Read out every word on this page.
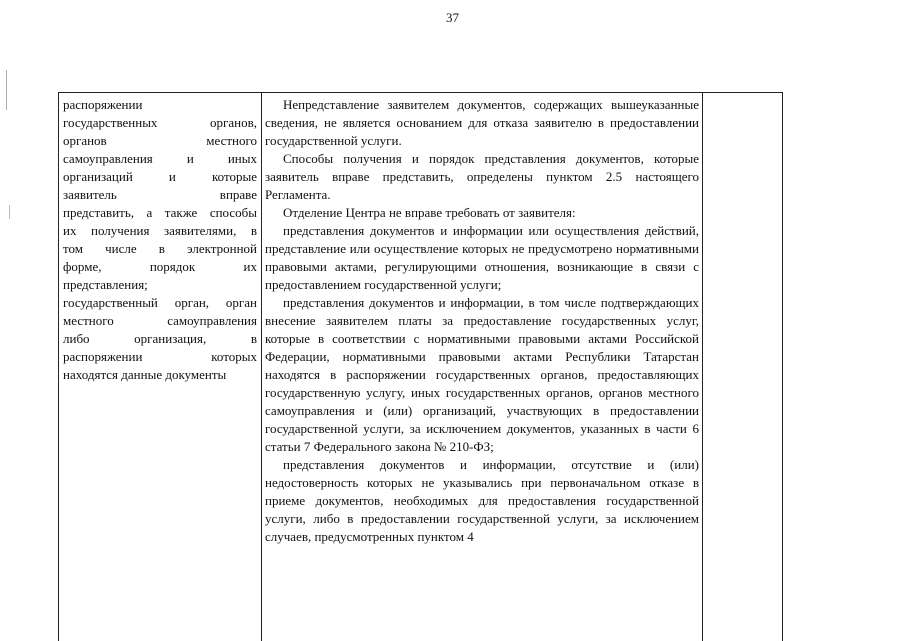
37
распоряжении
государственных органов,
органов местного
самоуправления и иных
организаций и которые
заявитель вправе
представить, а также способы
их получения заявителями, в
том числе в электронной
форме, порядок их
представления;
государственный орган, орган
местного самоуправления
либо организация, в
распоряжении которых
находятся данные документы

Непредставление заявителем документов, содержащих вышеуказанные сведения, не является основанием для отказа заявителю в предоставлении государственной услуги.

Способы получения и порядок представления документов, которые заявитель вправе представить, определены пунктом 2.5 настоящего Регламента.

Отделение Центра не вправе требовать от заявителя:

представления документов и информации или осуществления действий, представление или осуществление которых не предусмотрено нормативными правовыми актами, регулирующими отношения, возникающие в связи с предоставлением государственной услуги;

представления документов и информации, в том числе подтверждающих внесение заявителем платы за предоставление государственных услуг, которые в соответствии с нормативными правовыми актами Российской Федерации, нормативными правовыми актами Республики Татарстан находятся в распоряжении государственных органов, предоставляющих государственную услугу, иных государственных органов, органов местного самоуправления и (или) организаций, участвующих в предоставлении государственной услуги, за исключением документов, указанных в части 6 статьи 7 Федерального закона № 210-ФЗ;

представления документов и информации, отсутствие и (или) недостоверность которых не указывались при первоначальном отказе в приеме документов, необходимых для предоставления государственной услуги, либо в предоставлении государственной услуги, за исключением случаев, предусмотренных пунктом 4
